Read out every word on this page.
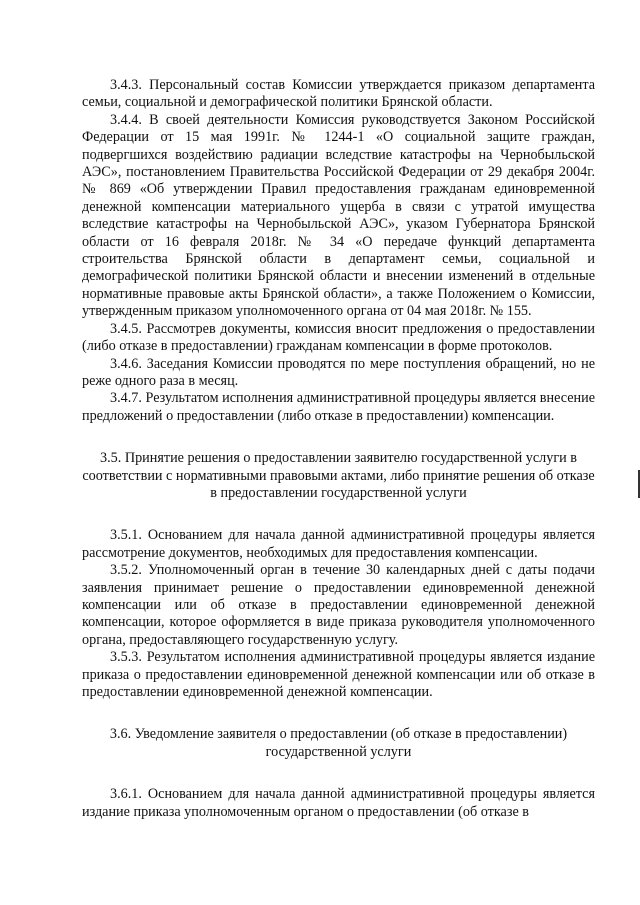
3.4.3. Персональный состав Комиссии утверждается приказом департамента семьи, социальной и демографической политики Брянской области.

3.4.4. В своей деятельности Комиссия руководствуется Законом Российской Федерации от 15 мая 1991г. № 1244-1 «О социальной защите граждан, подвергшихся воздействию радиации вследствие катастрофы на Чернобыльской АЭС», постановлением Правительства Российской Федерации от 29 декабря 2004г. № 869 «Об утверждении Правил предоставления гражданам единовременной денежной компенсации материального ущерба в связи с утратой имущества вследствие катастрофы на Чернобыльской АЭС», указом Губернатора Брянской области от 16 февраля 2018г. № 34 «О передаче функций департамента строительства Брянской области в департамент семьи, социальной и демографической политики Брянской области и внесении изменений в отдельные нормативные правовые акты Брянской области», а также Положением о Комиссии, утвержденным приказом уполномоченного органа от 04 мая 2018г. № 155.

3.4.5. Рассмотрев документы, комиссия вносит предложения о предоставлении (либо отказе в предоставлении) гражданам компенсации в форме протоколов.

3.4.6. Заседания Комиссии проводятся по мере поступления обращений, но не реже одного раза в месяц.

3.4.7. Результатом исполнения административной процедуры является внесение предложений о предоставлении (либо отказе в предоставлении) компенсации.

3.5. Принятие решения о предоставлении заявителю государственной услуги в соответствии с нормативными правовыми актами, либо принятие решения об отказе в предоставлении государственной услуги

3.5.1. Основанием для начала данной административной процедуры является рассмотрение документов, необходимых для предоставления компенсации.

3.5.2. Уполномоченный орган в течение 30 календарных дней с даты подачи заявления принимает решение о предоставлении единовременной денежной компенсации или об отказе в предоставлении единовременной денежной компенсации, которое оформляется в виде приказа руководителя уполномоченного органа, предоставляющего государственную услугу.

3.5.3. Результатом исполнения административной процедуры является издание приказа о предоставлении единовременной денежной компенсации или об отказе в предоставлении единовременной денежной компенсации.

3.6. Уведомление заявителя о предоставлении (об отказе в предоставлении) государственной услуги

3.6.1. Основанием для начала данной административной процедуры является издание приказа уполномоченным органом о предоставлении (об отказе в
